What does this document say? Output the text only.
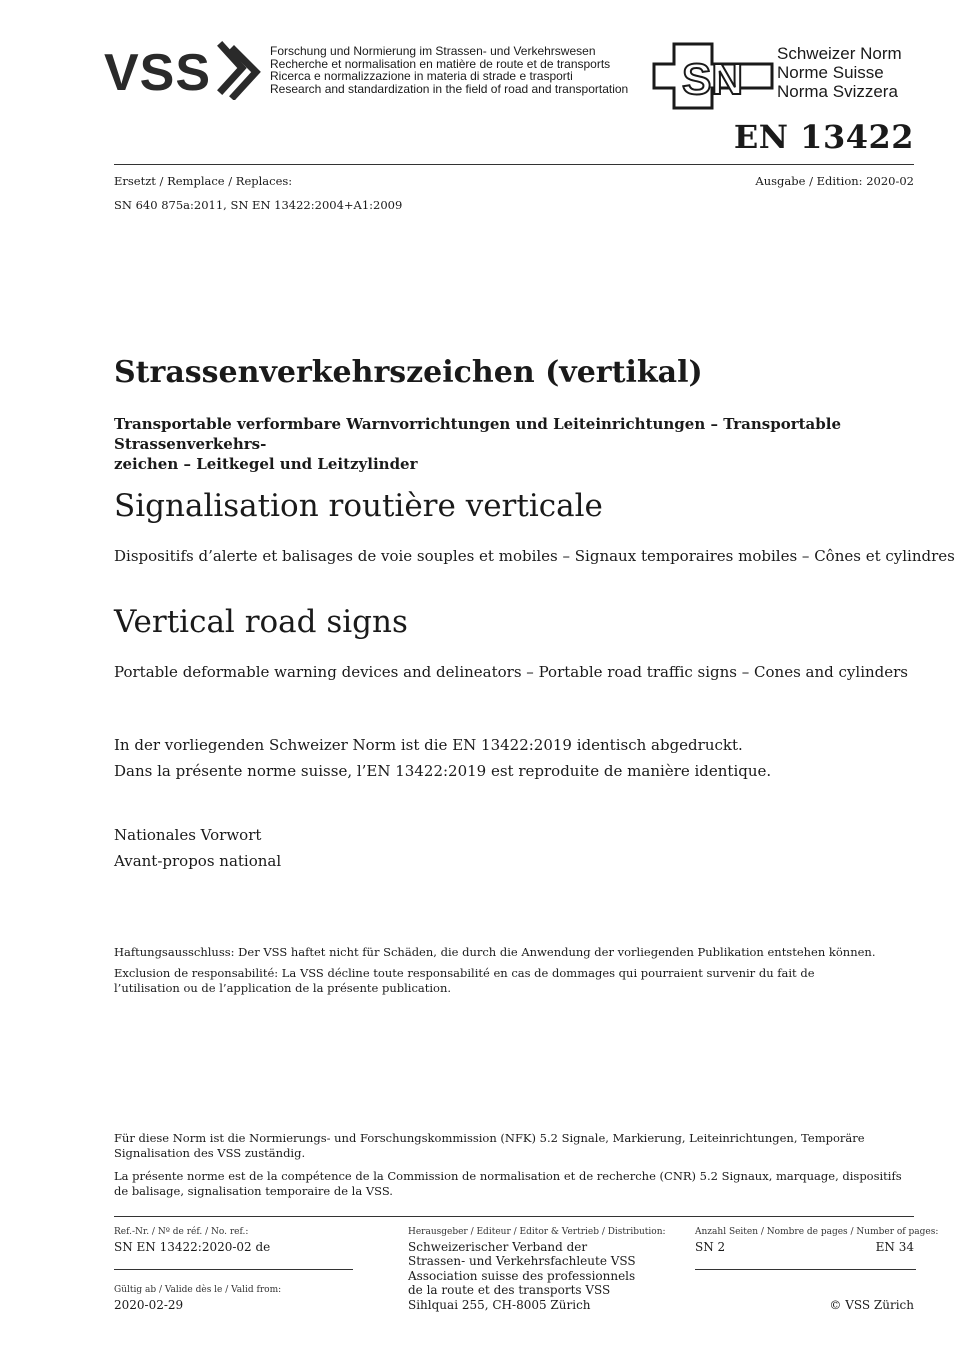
VSS	Forschung und Normierung im Strassen- und Verkehrswesen
Recherche et normalisation en matière de route et de transports
Ricerca e normalizzazione in materia di strade e trasporti
Research and standardization in the field of road and transportation SN
Schweizer Norm
Norme Suisse
Norma Svizzera
EN 13422
Ersetzt / Remplace / Replaces:	Ausgabe / Edition: 2020-02
SN 640 875a:2011, SN EN 13422:2004+A1:2009
Strassenverkehrszeichen (vertikal)
Transportable verformbare Warnvorrichtungen und Leiteinrichtungen – Transportable Strassenverkehrs-
zeichen – Leitkegel und Leitzylinder
Signalisation routière verticale
Dispositifs d’alerte et balisages de voie souples et mobiles – Signaux temporaires mobiles – Cônes et cylindres
Vertical road signs
Portable deformable warning devices and delineators – Portable road traffic signs – Cones and cylinders
In der vorliegenden Schweizer Norm ist die EN 13422:2019 identisch abgedruckt.
Dans la présente norme suisse, l’EN 13422:2019 est reproduite de manière identique.
Nationales Vorwort
Avant-propos national
Haftungsausschluss: Der VSS haftet nicht für Schäden, die durch die Anwendung der vorliegenden Publikation entstehen können.
Exclusion de responsabilité: La VSS décline toute responsabilité en cas de dommages qui pourraient survenir du fait de l’utilisation ou de l’application de la présente publication.
Für diese Norm ist die Normierungs- und Forschungskommission (NFK) 5.2 Signale, Markierung, Leiteinrichtungen, Temporäre Signalisation des VSS zuständig.
La présente norme est de la compétence de la Commission de normalisation et de recherche (CNR) 5.2 Signaux, marquage, dispositifs de balisage, signalisation temporaire de la VSS.
Ref.-Nr. / Nº de réf. / No. ref.:
SN EN 13422:2020-02 de
Gültig ab / Valide dès le / Valid from:
2020-02-29
Herausgeber / Editeur / Editor & Vertrieb / Distribution:
Schweizerischer Verband der
Strassen- und Verkehrsfachleute VSS
Association suisse des professionnels
de la route et des transports VSS
Sihlquai 255, CH-8005 Zürich
Anzahl Seiten / Nombre de pages / Number of pages:
SN 2	EN 34
© VSS Zürich
